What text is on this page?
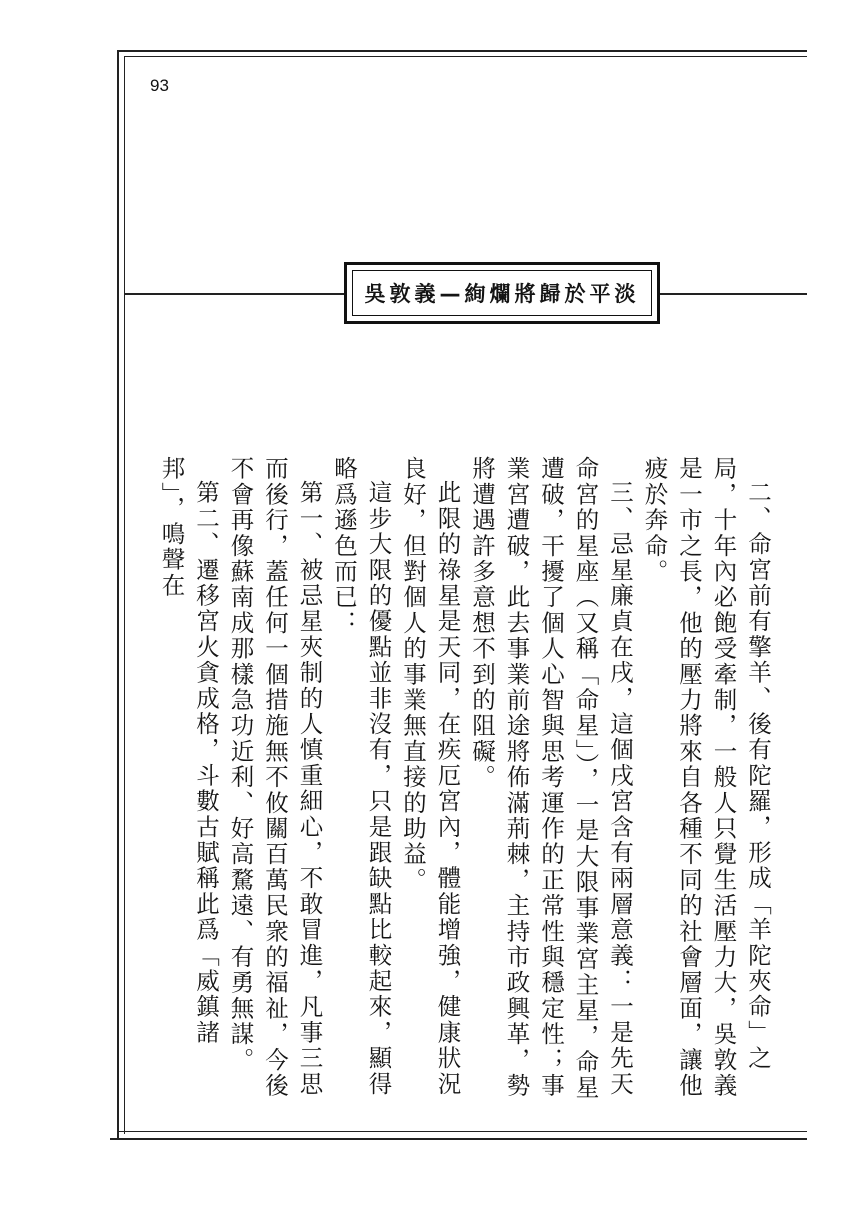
93
吳敦義—絢爛將歸於平淡

二、命宮前有擎羊、後有陀羅，形成「羊陀夾命」之局，十年內必飽受牽制，一般人只覺生活壓力大，吳敦義是一市之長，他的壓力將來自各種不同的社會層面，讓他疲於奔命。

三、忌星廉貞在戌，這個戌宮含有兩層意義：一是先天命宮的星座（又稱「命星」），一是大限事業宮主星，命星遭破，干擾了個人心智與思考運作的正常性與穩定性；事業宮遭破，此去事業前途將佈滿荊棘，主持市政興革，勢將遭遇許多意想不到的阻礙。

此限的祿星是天同，在疾厄宮內，體能增強，健康狀況良好，但對個人的事業無直接的助益。

這步大限的優點並非沒有，只是跟缺點比較起來，顯得略爲遜色而已：

第一、被忌星夾制的人慎重細心，不敢冒進，凡事三思而後行，蓋任何一個措施無不攸關百萬民衆的福祉，今後不會再像蘇南成那樣急功近利、好高騖遠、有勇無謀。

第二、遷移宮火貪成格，斗數古賦稱此爲「威鎮諸邦」，鳴聲在
